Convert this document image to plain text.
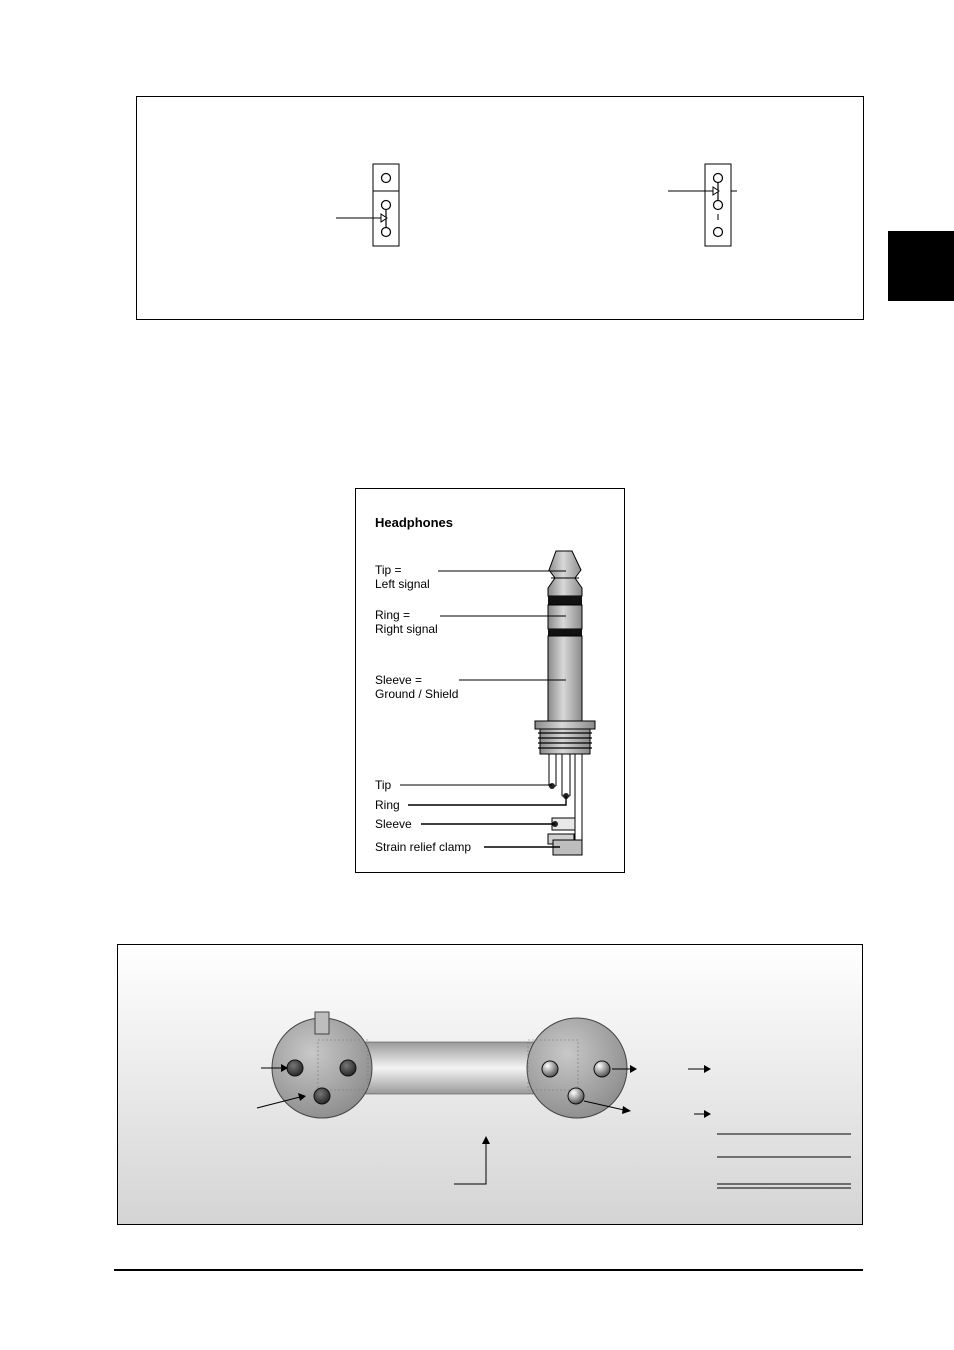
Headphones
Tip =
Left signal
Ring =
Right signal
Sleeve =
Ground / Shield
Tip
Ring
Sleeve
Strain relief clamp
